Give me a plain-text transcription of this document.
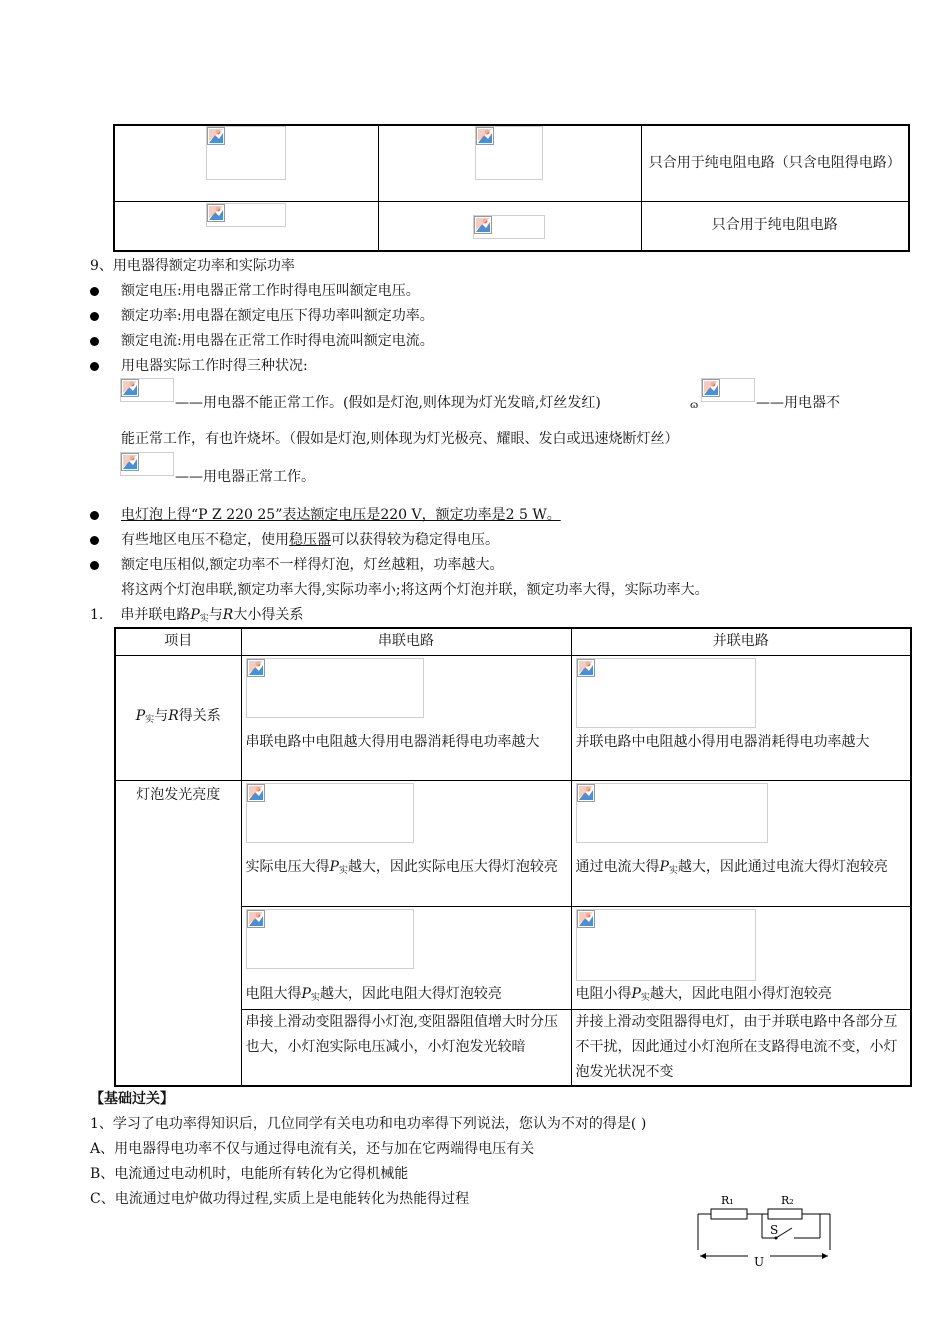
	只合用于纯电阻电路（只含电阻得电路）

	只合用于纯电阻电路
9、用电器得额定功率和实际功率
额定电压:用电器正常工作时得电压叫额定电压。
额定功率:用电器在额定电压下得功率叫额定功率。
额定电流:用电器在正常工作时得电流叫额定电流。
用电器实际工作时得三种状况:
——用电器不能正常工作。(假如是灯泡,则体现为灯光发暗,灯丝发红)	ɷ	——用电器不
能正常工作，有也许烧坏。（假如是灯泡,则体现为灯光极亮、耀眼、发白或迅速烧断灯丝）
——用电器正常工作。
电灯泡上得“P Z 220 25”表达额定电压是220 V，额定功率是2 5 W。
有些地区电压不稳定，使用稳压器可以获得较为稳定得电压。
额定电压相似,额定功率不一样得灯泡，灯丝越粗，功率越大。
将这两个灯泡串联,额定功率大得,实际功率小;将这两个灯泡并联，额定功率大得，实际功率大。
1. 串并联电路P实与R大小得关系
项目	串联电路	并联电路
P实与R得关系	串联电路中电阻越大得用电器消耗得电功率越大	并联电路中电阻越小得用电器消耗得电功率越大

灯泡发光亮度	实际电压大得P实越大，因此实际电压大得灯泡较亮	通过电流大得P实越大，因此通过电流大得灯泡较亮

	电阻大得P实越大，因此电阻大得灯泡较亮	电阻小得P实越大，因此电阻小得灯泡较亮

	串接上滑动变阻器得小灯泡,变阻器阻值增大时分压也大，小灯泡实际电压减小，小灯泡发光较暗	并接上滑动变阻器得电灯，由于并联电路中各部分互不干扰，因此通过小灯泡所在支路得电流不变，小灯泡发光状况不变
【基础过关】
1、学习了电功率得知识后，几位同学有关电功和电功率得下列说法，您认为不对的得是( )
A、用电器得电功率不仅与通过得电流有关，还与加在它两端得电压有关
B、电流通过电动机时，电能所有转化为它得机械能
C、电流通过电炉做功得过程,实质上是电能转化为热能得过程	R₁	R₂
S
U
